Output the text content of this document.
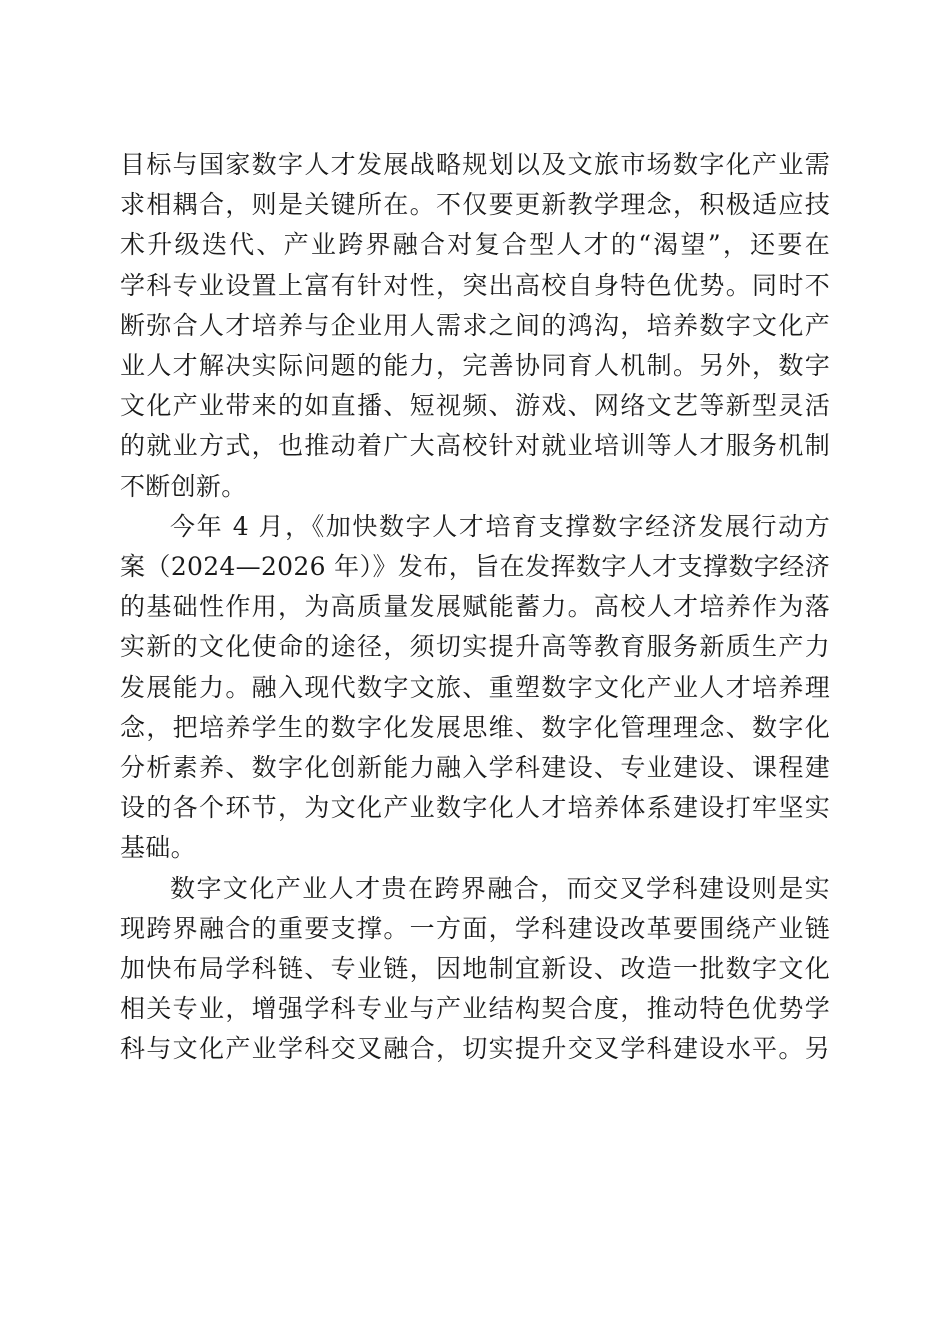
目标与国家数字人才发展战略规划以及文旅市场数字化产业需
求相耦合，则是关键所在。不仅要更新教学理念，积极适应技
术升级迭代、产业跨界融合对复合型人才的“渴望”，还要在
学科专业设置上富有针对性，突出高校自身特色优势。同时不
断弥合人才培养与企业用人需求之间的鸿沟，培养数字文化产
业人才解决实际问题的能力，完善协同育人机制。另外，数字
文化产业带来的如直播、短视频、游戏、网络文艺等新型灵活
的就业方式，也推动着广大高校针对就业培训等人才服务机制
不断创新。

今年 4 月，《加快数字人才培育支撑数字经济发展行动方
案（2024—2026 年）》发布，旨在发挥数字人才支撑数字经济
的基础性作用，为高质量发展赋能蓄力。高校人才培养作为落
实新的文化使命的途径，须切实提升高等教育服务新质生产力
发展能力。融入现代数字文旅、重塑数字文化产业人才培养理
念，把培养学生的数字化发展思维、数字化管理理念、数字化
分析素养、数字化创新能力融入学科建设、专业建设、课程建
设的各个环节，为文化产业数字化人才培养体系建设打牢坚实
基础。

数字文化产业人才贵在跨界融合，而交叉学科建设则是实
现跨界融合的重要支撑。一方面，学科建设改革要围绕产业链
加快布局学科链、专业链，因地制宜新设、改造一批数字文化
相关专业，增强学科专业与产业结构契合度，推动特色优势学
科与文化产业学科交叉融合，切实提升交叉学科建设水平。另
